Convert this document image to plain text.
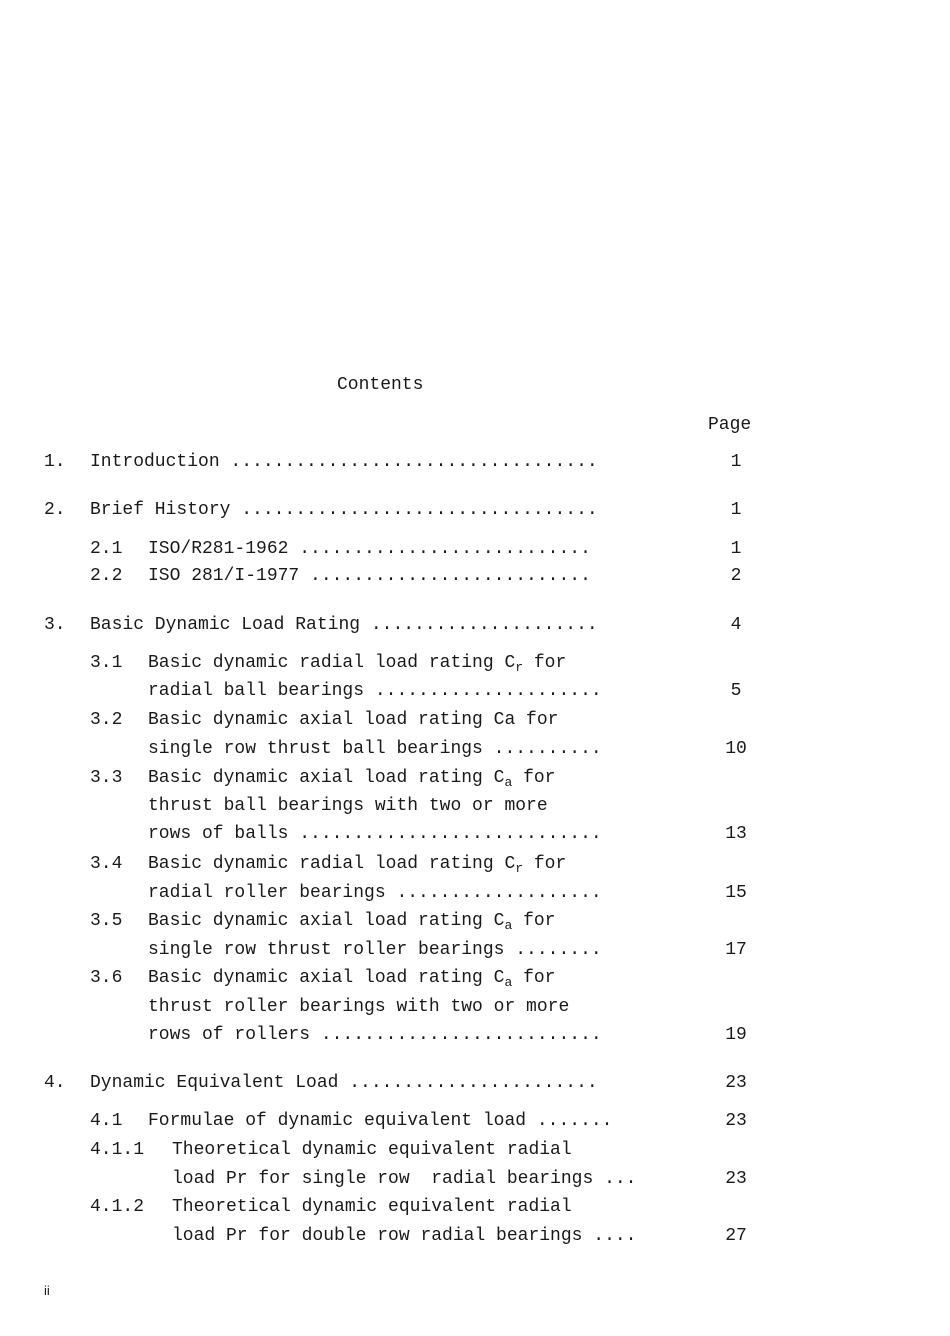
Contents
Page
1. Introduction ..................................	1
2. Brief History .................................	1
2.1 ISO/R281-1962 ...........................	1
2.2 ISO 281/I-1977 ..........................	2
3. Basic Dynamic Load Rating .....................	4
3.1 Basic dynamic radial load rating $C_r$ for
radial ball bearings .....................	5
3.2 Basic dynamic axial load rating Ca for
single row thrust ball bearings ..........	10
3.3 Basic dynamic axial load rating $C_a$ for
thrust ball bearings with two or more
rows of balls ............................	13
3.4 Basic dynamic radial load rating $C_r$ for
radial roller bearings ...................	15
3.5 Basic dynamic axial load rating $C_a$ for
single row thrust roller bearings ........	17
3.6 Basic dynamic axial load rating $C_a$ for
thrust roller bearings with two or more
rows of rollers ..........................	19
4. Dynamic Equivalent Load .......................	23
4.1 Formulae of dynamic equivalent load .......	23
4.1.1 Theoretical dynamic equivalent radial
load Pr for single row  radial bearings ...	23
4.1.2 Theoretical dynamic equivalent radial
load Pr for double row radial bearings ....	27
ii
